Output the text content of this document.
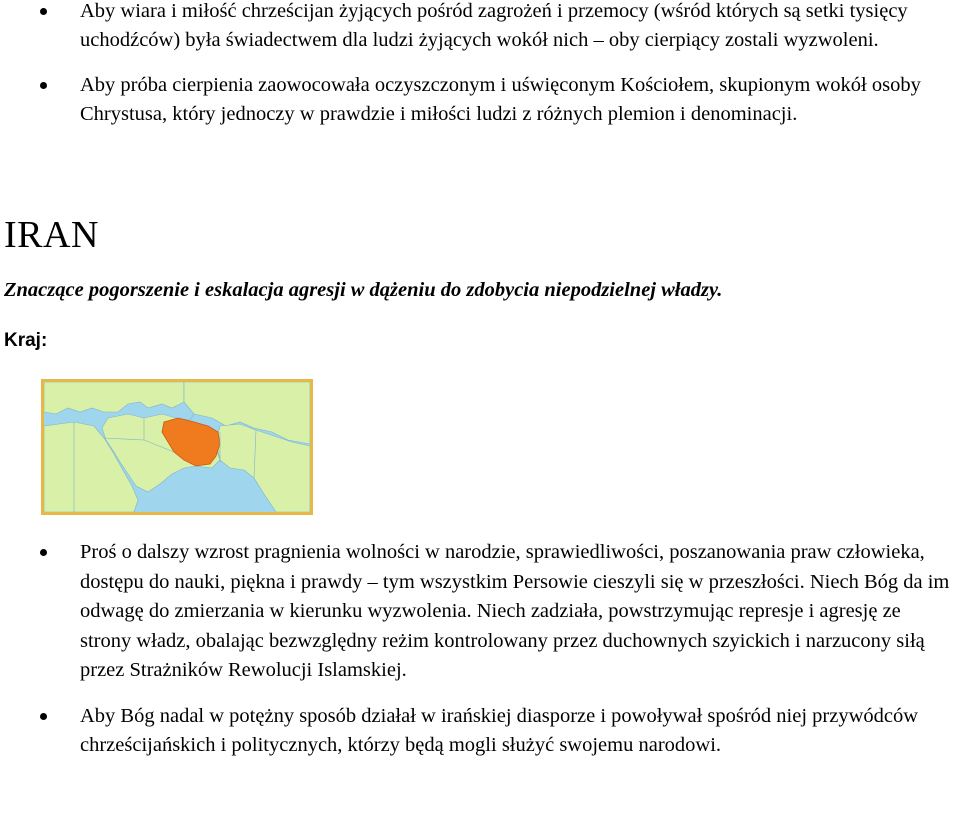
Aby wiara i miłość chrześcijan żyjących pośród zagrożeń i przemocy (wśród których są setki tysięcy uchodźców) była świadectwem dla ludzi żyjących wokół nich – oby cierpiący zostali wyzwoleni.
Aby próba cierpienia zaowocowała oczyszczonym i uświęconym Kościołem, skupionym wokół osoby Chrystusa, który jednoczy w prawdzie i miłości ludzi z różnych plemion i denominacji.
IRAN

Znaczące pogorszenie i eskalacja agresji w dążeniu do zdobycia niepodzielnej władzy.

Kraj:

Proś o dalszy wzrost pragnienia wolności w narodzie, sprawiedliwości, poszanowania praw człowieka, dostępu do nauki, piękna i prawdy – tym wszystkim Persowie cieszyli się w przeszłości. Niech Bóg da im odwagę do zmierzania w kierunku wyzwolenia. Niech zadziała, powstrzymując represje i agresję ze strony władz, obalając bezwzględny reżim kontrolowany przez duchownych szyickich i narzucony siłą przez Strażników Rewolucji Islamskiej.
Aby Bóg nadal w potężny sposób działał w irańskiej diasporze i powoływał spośród niej przywódców chrześcijańskich i politycznych, którzy będą mogli służyć swojemu narodowi.
